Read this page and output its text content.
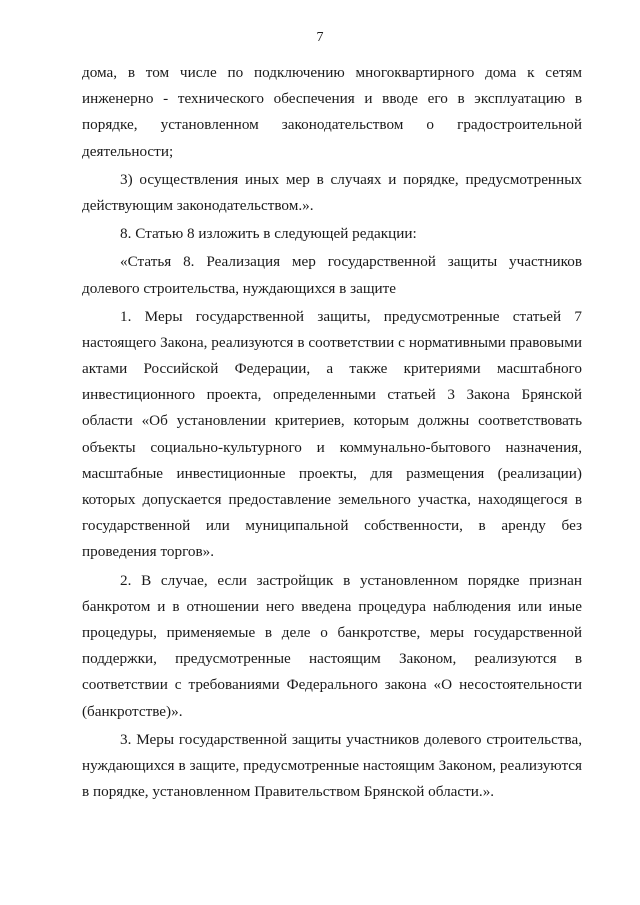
7
дома, в том числе по подключению многоквартирного дома к сетям
инженерно - технического обеспечения и вводе его в эксплуатацию в
порядке, установленном законодательством о градостроительной
деятельности;
3) осуществления иных мер в случаях и порядке, предусмотренных
действующим законодательством.».
8. Статью 8 изложить в следующей редакции:
«Статья 8. Реализация мер государственной защиты участников
долевого строительства, нуждающихся в защите
1. Меры государственной защиты, предусмотренные статьей 7
настоящего Закона, реализуются в соответствии с нормативными правовыми
актами Российской Федерации, а также критериями масштабного
инвестиционного проекта, определенными статьей 3 Закона Брянской
области «Об установлении критериев, которым должны соответствовать
объекты социально-культурного и коммунально-бытового назначения,
масштабные инвестиционные проекты, для размещения (реализации)
которых допускается предоставление земельного участка, находящегося в
государственной или муниципальной собственности, в аренду без
проведения торгов».
2. В случае, если застройщик в установленном порядке признан
банкротом и в отношении него введена процедура наблюдения или иные
процедуры, применяемые в деле о банкротстве, меры государственной
поддержки, предусмотренные настоящим Законом, реализуются в
соответствии с требованиями Федерального закона «О несостоятельности
(банкротстве)».
3. Меры государственной защиты участников долевого строительства,
нуждающихся в защите, предусмотренные настоящим Законом, реализуются
в порядке, установленном Правительством Брянской области.».
